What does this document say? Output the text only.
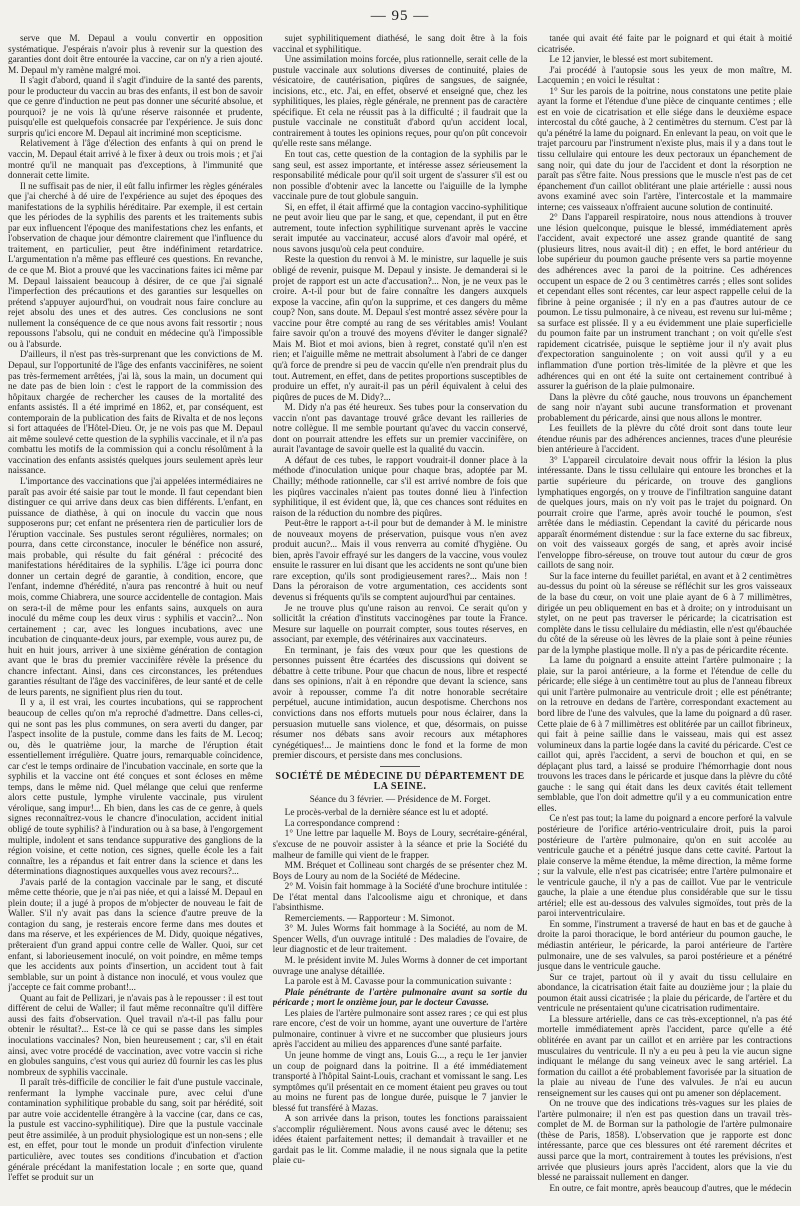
— 95 —

serve que M. Depaul a voulu convertir en opposition systématique. J'espérais n'avoir plus à revenir sur la question des garanties dont doit être entourée la vaccine, car on n'y a rien ajouté. M. Depaul m'y ramène malgré moi.

Il s'agit d'abord, quand il s'agit d'induire de la santé des parents, pour le producteur du vaccin au bras des enfants, il est bon de savoir que ce genre d'induction ne peut pas donner une sécurité absolue, et pourquoi? je ne vois là qu'une réserve raisonnée et prudente, puisqu'elle est quelquefois consacrée par l'expérience. Je suis donc surpris qu'ici encore M. Depaul ait incriminé mon scepticisme.

Relativement à l'âge d'élection des enfants à qui on prend le vaccin, M. Depaul était arrivé à le fixer à deux ou trois mois ; et j'ai montré qu'il ne manquait pas d'exceptions, à l'immunité que donnerait cette limite.

Il ne suffisait pas de nier, il eût fallu infirmer les règles générales que j'ai cherché à dé uire de l'expérience au sujet des époques des manifestations de la syphilis héréditaire. Par exemple, il est certain que les périodes de la syphilis des parents et les traitements subis par eux influencent l'époque des manifestations chez les enfants, et l'observation de chaque jour démontre clairement que l'influence du traitement, en particulier, peut être indéfiniment retardatrice. L'argumentation n'a même pas effleuré ces questions. En revanche, de ce que M. Biot a prouvé que les vaccinations faites ici même par M. Depaul laissaient beaucoup à désirer, de ce que j'ai signalé l'imperfection des précautions et des garanties sur lesquelles on prétend s'appuyer aujourd'hui, on voudrait nous faire conclure au rejet absolu des unes et des autres. Ces conclusions ne sont nullement la conséquence de ce que nous avons fait ressortir ; nous repoussons l'absolu, qui ne conduit en médecine qu'à l'impossible ou à l'absurde.

D'ailleurs, il n'est pas très-surprenant que les convictions de M. Depaul, sur l'opportunité de l'âge des enfants vaccinifères, ne soient pas très-fermement arrêtées, j'ai là, sous la main, un document qui ne date pas de bien loin : c'est le rapport de la commission des hôpitaux chargée de rechercher les causes de la mortalité des enfants assistés. Il a été imprimé en 1862, et, par conséquent, est contemporain de la publication des faits de Rivalta et de nos leçons si fort attaquées de l'Hôtel-Dieu. Or, je ne vois pas que M. Depaul ait même soulevé cette question de la syphilis vaccinale, et il n'a pas combattu les motifs de la commission qui a conclu résolûment à la vaccination des enfants assistés quelques jours seulement après leur naissance.

L'importance des vaccinations que j'ai appelées intermédiaires ne paraît pas avoir été saisie par tout le monde. Il faut cependant bien distinguer ce qui arrive dans deux cas bien différents. L'enfant, en puissance de diathèse, à qui on inocule du vaccin que nous supposerons pur; cet enfant ne présentera rien de particulier lors de l'éruption vaccinale. Ses pustules seront régulières, normales; on pourra, dans cette circonstance, inoculer le bénéfice non assuré, mais probable, qui résulte du fait général : précocité des manifestations héréditaires de la syphilis. L'âge ici pourra donc donner un certain degré de garantie, à condition, encore, que l'enfant, indemne d'hérédité, n'aura pas rencontré à huit ou neuf mois, comme Chiabrera, une source accidentelle de contagion. Mais on sera-t-il de même pour les enfants sains, auxquels on aura inoculé du même coup les deux virus : syphilis et vaccin?... Non certainement ; car, avec les longues incubations, avec une incubation de cinquante-deux jours, par exemple, vous aurez pu, de huit en huit jours, arriver à une sixième génération de contagion avant que le bras du premier vaccinifère révèle la présence du chancre infectant. Ainsi, dans ces circonstances, les prétendues garanties résultant de l'âge des vaccinifères, de leur santé et de celle de leurs parents, ne signifient plus rien du tout.

Il y a, il est vrai, les courtes incubations, qui se rapprochent beaucoup de celles qu'on m'a reproché d'admettre. Dans celles-ci, qui ne sont pas les plus communes, on sera averti du danger, par l'aspect insolite de la pustule, comme dans les faits de M. Lecoq; ou, dès le quatrième jour, la marche de l'éruption était essentiellement irrégulière. Quatre jours, remarquable coïncidence, car c'est le temps ordinaire de l'incubation vaccinale, en sorte que la syphilis et la vaccine ont été conçues et sont écloses en même temps, dans le même nid. Quel mélange que celui que renferme alors cette pustule, lymphe virulente vaccinale, pus virulent vérolique, sang impur!... Eh bien, dans les cas de ce genre, à quels signes reconnaîtrez-vous le chancre d'inoculation, accident initial obligé de toute syphilis? à l'induration ou à sa base, à l'engorgement multiple, indolent et sans tendance suppurative des ganglions de la région voisine, et cette notion, ces signes, quelle école les a fait connaître, les a répandus et fait entrer dans la science et dans les déterminations diagnostiques auxquelles vous avez recours?...

J'avais parlé de la contagion vaccinale par le sang, et discuté même cette théorie, que je n'ai pas niée, et qui a laissé M. Depaul en plein doute; il a jugé à propos de m'objecter de nouveau le fait de Waller. S'il n'y avait pas dans la science d'autre preuve de la contagion du sang, je resterais encore ferme dans mes doutes et dans ma réserve, et les expériences de M. Didy, quoique négatives, prêteraient d'un grand appui contre celle de Waller. Quoi, sur cet enfant, si laborieusement inoculé, on voit poindre, en même temps que les accidents aux points d'insertion, un accident tout à fait semblable, sur un point à distance non inoculé, et vous voulez que j'accepte ce fait comme probant!...

Quant au fait de Pellizari, je n'avais pas à le repousser : il est tout différent de celui de Waller; il faut même reconnaître qu'il diffère aussi des faits d'observation. Quel travail n'a-t-il pas fallu pour obtenir le résultat?... Est-ce là ce qui se passe dans les simples inoculations vaccinales? Non, bien heureusement ; car, s'il en était ainsi, avec votre procédé de vaccination, avec votre vaccin si riche en globules sanguins, c'est vous qui auriez dû fournir les cas les plus nombreux de syphilis vaccinale.

Il paraît très-difficile de concilier le fait d'une pustule vaccinale, renfermant la lymphe vaccinale pure, avec celui d'une contamination syphilitique probable du sang, soit par hérédité, soit par autre voie accidentelle étrangère à la vaccine (car, dans ce cas, la pustule est vaccino-syphilitique). Dire que la pustule vaccinale peut être assimilée, à un produit physiologique est un non-sens ; elle est, en effet, pour tout le monde un produit d'infection virulente particulière, avec toutes ses conditions d'incubation et d'action générale précédant la manifestation locale ; en sorte que, quand l'effet se produit sur un

sujet syphilitiquement diathésé, le sang doit être à la fois vaccinal et syphilitique.

Une assimilation moins forcée, plus rationnelle, serait celle de la pustule vaccinale aux solutions diverses de continuité, plaies de vésicatoire, de cautérisation, piqûres de sangsues, de saignée, incisions, etc., etc. J'ai, en effet, observé et enseigné que, chez les syphilitiques, les plaies, règle générale, ne prennent pas de caractère spécifique. Et cela ne réussit pas à la difficulté ; il faudrait que la pustule vaccinale ne constituât d'abord qu'un accident local, contrairement à toutes les opinions reçues, pour qu'on pût concevoir qu'elle reste sans mélange.

En tout cas, cette question de la contagion de la syphilis par le sang seul, est assez importante, et intéresse assez sérieusement la responsabilité médicale pour qu'il soit urgent de s'assurer s'il est ou non possible d'obtenir avec la lancette ou l'aiguille de la lymphe vaccinale pure de tout globule sanguin.

Si, en effet, il était affirmé que la contagion vaccino-syphilitique ne peut avoir lieu que par le sang, et que, cependant, il put en être autrement, toute infection syphilitique survenant après le vaccine serait imputée au vaccinateur, accusé alors d'avoir mal opéré, et nous savons jusqu'où cela peut conduire.

Reste la question du renvoi à M. le ministre, sur laquelle je suis obligé de revenir, puisque M. Depaul y insiste. Je demanderai si le projet de rapport est un acte d'accusation?... Non, je ne veux pas le croire. A-t-il pour but de faire connaître les dangers auxquels expose la vaccine, afin qu'on la supprime, et ces dangers du même coup? Non, sans doute. M. Depaul s'est montré assez sévère pour la vaccine pour être compté au rang de ses véritables amis! Voulant faire savoir qu'on a trouvé des moyens d'éviter le danger signalé? Mais M. Biot et moi avions, bien à regret, constaté qu'il n'en est rien; et l'aiguille même ne mettrait absolument à l'abri de ce danger qu'à force de prendre si peu de vaccin qu'elle n'en prendrait plus du tout. Autrement, en effet, dans de petites proportions susceptibles de produire un effet, n'y aurait-il pas un péril équivalent à celui des piqûres de puces de M. Didy?...

M. Didy n'a pas été heureux. Ses tubes pour la conservation du vaccin n'ont pas davantage trouvé grâce devant les railleries de notre collègue. Il me semble pourtant qu'avec du vaccin conservé, dont on pourrait attendre les effets sur un premier vaccinifère, on aurait l'avantage de savoir quelle est la qualité du vaccin.

A défaut de ces tubes, le rapport voudrait-il donner place à la méthode d'inoculation unique pour chaque bras, adoptée par M. Chailly; méthode rationnelle, car s'il est arrivé nombre de fois que les piqûres vaccinales n'aient pas toutes donné lieu à l'infection syphilitique, il est évident que, là, que ces chances sont réduites en raison de la réduction du nombre des piqûres.

Peut-être le rapport a-t-il pour but de demander à M. le ministre de nouveaux moyens de préservation, puisque vous n'en avez produit aucun?... Mais il vous renverra au comité d'hygiène. Ou bien, après l'avoir effrayé sur les dangers de la vaccine, vous voulez ensuite le rassurer en lui disant que les accidents ne sont qu'une bien rare exception, qu'ils sont prodigieusement rares?... Mais non ! Dans la péroraison de votre argumentation, ces accidents sont devenus si fréquents qu'ils se comptent aujourd'hui par centaines.

Je ne trouve plus qu'une raison au renvoi. Ce serait qu'on y sollicitât la création d'instituts vaccinogènes par toute la France. Mesure sur laquelle on pourrait compter, sous toutes réserves, en associant, par exemple, des vétérinaires aux vaccinateurs.

En terminant, je fais des vœux pour que les questions de personnes puissent être écartées des discussions qui doivent se débattre à cette tribune. Pour que chacun de nous, libre et respecté dans ses opinions, n'ait à en répondre que devant la science, sans avoir à repousser, comme l'a dit notre honorable secrétaire perpétuel, aucune intimidation, aucun despotisme. Cherchons nos convictions dans nos efforts mutuels pour nous éclairer, dans la persuasion mutuelle sans violence, et que, désormais, on puisse résumer nos débats sans avoir recours aux métaphores cynégétiques!... Je maintiens donc le fond et la forme de mon premier discours, et persiste dans mes conclusions.

SOCIÉTÉ DE MÉDECINE DU DÉPARTEMENT DE LA SEINE.
Séance du 3 février. — Présidence de M. Forget.

Le procès-verbal de la dernière séance est lu et adopté.

La correspondance comprend :

1° Une lettre par laquelle M. Boys de Loury, secrétaire-général, s'excuse de ne pouvoir assister à la séance et prie la Société du malheur de famille qui vient de le frapper.

MM. Bréquet et Collineau sont chargés de se présenter chez M. Boys de Loury au nom de la Société de Médecine.

2° M. Voisin fait hommage à la Société d'une brochure intitulée : De l'état mental dans l'alcoolisme aigu et chronique, et dans l'absinthisme.

Remerciements. — Rapporteur : M. Simonot.

3° M. Jules Worms fait hommage à la Société, au nom de M. Spencer Wells, d'un ouvrage intitulé : Des maladies de l'ovaire, de leur diagnostic et de leur traitement.

M. le président invite M. Jules Worms à donner de cet important ouvrage une analyse détaillée.

La parole est à M. Cavasse pour la communication suivante :

Plaie pénétrante de l'artère pulmonaire avant sa sortie du péricarde ; mort le onzième jour, par le docteur Cavasse.

Les plaies de l'artère pulmonaire sont assez rares ; ce qui est plus rare encore, c'est de voir un homme, ayant une ouverture de l'artère pulmonaire, continuer à vivre et ne succomber que plusieurs jours après l'accident au milieu des apparences d'une santé parfaite.

Un jeune homme de vingt ans, Louis G..., a reçu le 1er janvier un coup de poignard dans la poitrine. Il a été immédiatement transporté à l'hôpital Saint-Louis, crachant et vomissant le sang. Les symptômes qu'il présentait en ce moment étaient peu graves ou tout au moins ne furent pas de longue durée, puisque le 7 janvier le blessé fut transféré à Mazas.

A son arrivée dans la prison, toutes les fonctions paraissaient s'accomplir régulièrement. Nous avons causé avec le détenu; ses idées étaient parfaitement nettes; il demandait à travailler et ne gardait pas le lit. Comme maladie, il ne nous signala que la petite plaie cu-

tanée qui avait été faite par le poignard et qui était à moitié cicatrisée.

Le 12 janvier, le blessé est mort subitement.

J'ai procédé à l'autopsie sous les yeux de mon maître, M. Lacquemin ; en voici le résultat :

1° Sur les parois de la poitrine, nous constatons une petite plaie ayant la forme et l'étendue d'une pièce de cinquante centimes ; elle est en voie de cicatrisation et elle siége dans le deuxième espace intercostal du côté gauche, à 2 centimètres du sternum. C'est par là qu'a pénétré la lame du poignard. En enlevant la peau, on voit que le trajet parcouru par l'instrument n'existe plus, mais il y a dans tout le tissu cellulaire qui entoure les deux pectoraux un épanchement de sang noir, qui date du jour de l'accident et dont la résorption ne paraît pas s'être faite. Nous pressions que le muscle n'est pas de cet épanchement d'un caillot oblitérant une plaie artérielle : aussi nous avons examiné avec soin l'artère, l'intercostale et la mammaire interne; ces vaisseaux n'offraient aucune solution de continuité.

2° Dans l'appareil respiratoire, nous nous attendions à trouver une lésion quelconque, puisque le blessé, immédiatement après l'accident, avait expectoré une assez grande quantité de sang (plusieurs litres, nous avait-il dit) ; en effet, le bord antérieur du lobe supérieur du poumon gauche présente vers sa partie moyenne des adhérences avec la paroi de la poitrine. Ces adhérences occupent un espace de 2 ou 3 centimètres carrés ; elles sont solides et cependant elles sont récentes, car leur aspect rappelle celui de la fibrine à peine organisée ; il n'y en a pas d'autres autour de ce poumon. Le tissu pulmonaire, à ce niveau, est revenu sur lui-même ; sa surface est plissée. Il y a eu évidemment une plaie superficielle du poumon faite par un instrument tranchant ; on voit qu'elle s'est rapidement cicatrisée, puisque le septième jour il n'y avait plus d'expectoration sanguinolente ; on voit aussi qu'il y a eu inflammation d'une portion très-limitée de la plèvre et que les adhérences qui en ont été la suite ont certainement contribué à assurer la guérison de la plaie pulmonaire.

Dans la plèvre du côté gauche, nous trouvons un épanchement de sang noir n'ayant subi aucune transformation et provenant probablement du péricarde, ainsi que nous allons le montrer.

Les feuillets de la plèvre du côté droit sont dans toute leur étendue réunis par des adhérences anciennes, traces d'une pleurésie bien antérieure à l'accident.

3° L'appareil circulatoire devait nous offrir la lésion la plus intéressante. Dans le tissu cellulaire qui entoure les bronches et la partie supérieure du péricarde, on trouve des ganglions lymphatiques engorgés, on y trouve de l'infiltration sanguine datant de quelques jours, mais on n'y voit pas le trajet du poignard. On pourrait croire que l'arme, après avoir touché le poumon, s'est arrêtée dans le médiastin. Cependant la cavité du péricarde nous apparaît énormément distendue : sur la face externe du sac fibreux, on voit des vaisseaux gorgés de sang, et après avoir incisé l'enveloppe fibro-séreuse, on trouve tout autour du cœur de gros caillots de sang noir.

Sur la face interne du feuillet pariétal, en avant et à 2 centimètres au-dessus du point où la séreuse se réfléchit sur les gros vaisseaux de la base du cœur, on voit une plaie ayant de 6 à 7 millimètres, dirigée un peu obliquement en bas et à droite; on y introduisant un stylet, on ne peut pas traverser le péricarde; la cicatrisation est complète dans le tissu cellulaire du médiastin, elle n'est qu'ébauchée du côté de la séreuse où les lèvres de la plaie sont à peine réunies par de la lymphe plastique molle. Il n'y a pas de péricardite récente.

La lame du poignard a ensuite atteint l'artère pulmonaire ; la plaie, sur la paroi antérieure, a la forme et l'étendue de celle du péricarde; elle siége à un centimètre tout au plus de l'anneau fibreux qui unit l'artère pulmonaire au ventricule droit ; elle est pénétrante; on la retrouve en dedans de l'artère, correspondant exactement au bord libre de l'une des valvules, que la lame du poignard a dû raser. Cette plaie de 6 à 7 millimètres est oblitérée par un caillot fibrineux, qui fait à peine saillie dans le vaisseau, mais qui est assez volumineux dans la partie logée dans la cavité du péricarde. C'est ce caillot qui, après l'accident, a servi de bouchon et qui, en se déplaçant plus tard, a laissé se produire l'hémorrhagie dont nous trouvons les traces dans le péricarde et jusque dans la plèvre du côté gauche : le sang qui était dans les deux cavités était tellement semblable, que l'on doit admettre qu'il y a eu communication entre elles.

Ce n'est pas tout; la lame du poignard a encore perforé la valvule postérieure de l'orifice artério-ventriculaire droit, puis la paroi postérieure de l'artère pulmonaire, qu'on en suit accolée au ventricule gauche et a pénétré jusque dans cette cavité. Partout la plaie conserve la même étendue, la même direction, la même forme ; sur la valvule, elle n'est pas cicatrisée; entre l'artère pulmonaire et le ventricule gauche, il n'y a pas de caillot. Vue par le ventricule gauche, la plaie a une étendue plus considérable que sur le tissu artériel; elle est au-dessous des valvules sigmoïdes, tout près de la paroi interventriculaire.

En somme, l'instrument a traversé de haut en bas et de gauche à droite la paroi thoracique, le bord antérieur du poumon gauche, le médiastin antérieur, le péricarde, la paroi antérieure de l'artère pulmonaire, une de ses valvules, sa paroi postérieure et a pénétré jusque dans le ventricule gauche.

Sur ce trajet, partout où il y avait du tissu cellulaire en abondance, la cicatrisation était faite au douzième jour ; la plaie du poumon était aussi cicatrisée ; la plaie du péricarde, de l'artère et du ventricule ne présentaient qu'une cicatrisation rudimentaire.

La blessure artérielle, dans ce cas très-exceptionnel, n'a pas été mortelle immédiatement après l'accident, parce qu'elle a été oblitérée en avant par un caillot et en arrière par les contractions musculaires du ventricule. Il n'y a eu peu à peu la vie aucun signe indiquant le mélange du sang veineux avec le sang artériel. La formation du caillot a été probablement favorisée par la situation de la plaie au niveau de l'une des valvules. Je n'ai eu aucun renseignement sur les causes qui ont pu amener son déplacement.

On ne trouve que des indications très-vagues sur les plaies de l'artère pulmonaire; il n'en est pas question dans un travail très-complet de M. de Borman sur la pathologie de l'artère pulmonaire (thèse de Paris, 1858). L'observation que je rapporte est donc intéressante, parce que ces blessures ont été rarement décrites et aussi parce que la mort, contrairement à toutes les prévisions, n'est arrivée que plusieurs jours après l'accident, alors que la vie du blessé ne paraissait nullement en danger.

En outre, ce fait montre, après beaucoup d'autres, que le médecin
